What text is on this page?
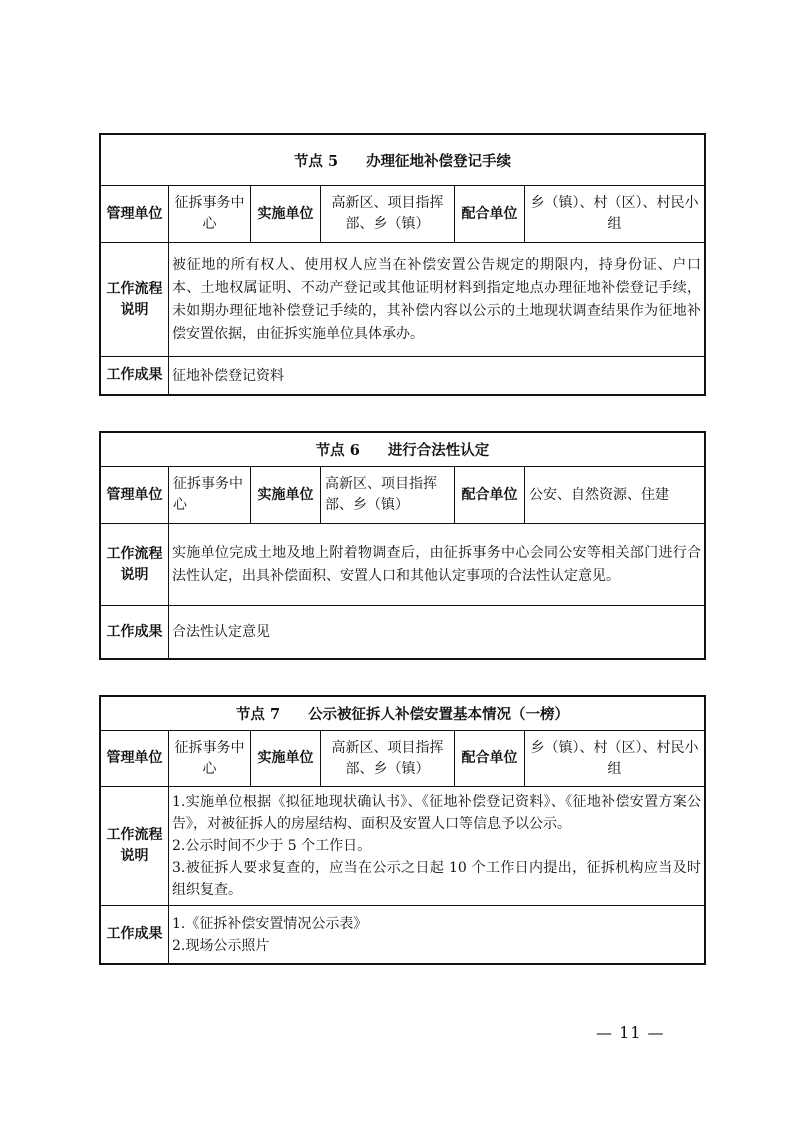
节点 5 办理征地补偿登记手续
管理单位
征拆事务中心
实施单位
高新区、项目指挥部、乡（镇）
配合单位
乡（镇）、村（区）、村民小组
工作流程
说明
被征地的所有权人、使用权人应当在补偿安置公告规定的期限内，持身份证、户口本、土地权属证明、不动产登记或其他证明材料到指定地点办理征地补偿登记手续，未如期办理征地补偿登记手续的，其补偿内容以公示的土地现状调查结果作为征地补偿安置依据，由征拆实施单位具体承办。
工作成果 征地补偿登记资料
节点 6 进行合法性认定
管理单位
征拆事务中心
实施单位
高新区、项目指挥部、乡（镇）
配合单位 公安、自然资源、住建
工作流程
说明
实施单位完成土地及地上附着物调查后，由征拆事务中心会同公安等相关部门进行合法性认定，出具补偿面积、安置人口和其他认定事项的合法性认定意见。
工作成果 合法性认定意见
节点 7 公示被征拆人补偿安置基本情况（一榜）
管理单位
征拆事务中心
实施单位
高新区、项目指挥部、乡（镇）
配合单位
乡（镇）、村（区）、村民小组
工作流程
说明
1.实施单位根据《拟征地现状确认书》、《征地补偿登记资料》、《征地补偿安置方案公告》，对被征拆人的房屋结构、面积及安置人口等信息予以公示。
2.公示时间不少于 5 个工作日。
3.被征拆人要求复查的，应当在公示之日起 10 个工作日内提出，征拆机构应当及时组织复查。
工作成果
1.《征拆补偿安置情况公示表》
2.现场公示照片
— 11 —
